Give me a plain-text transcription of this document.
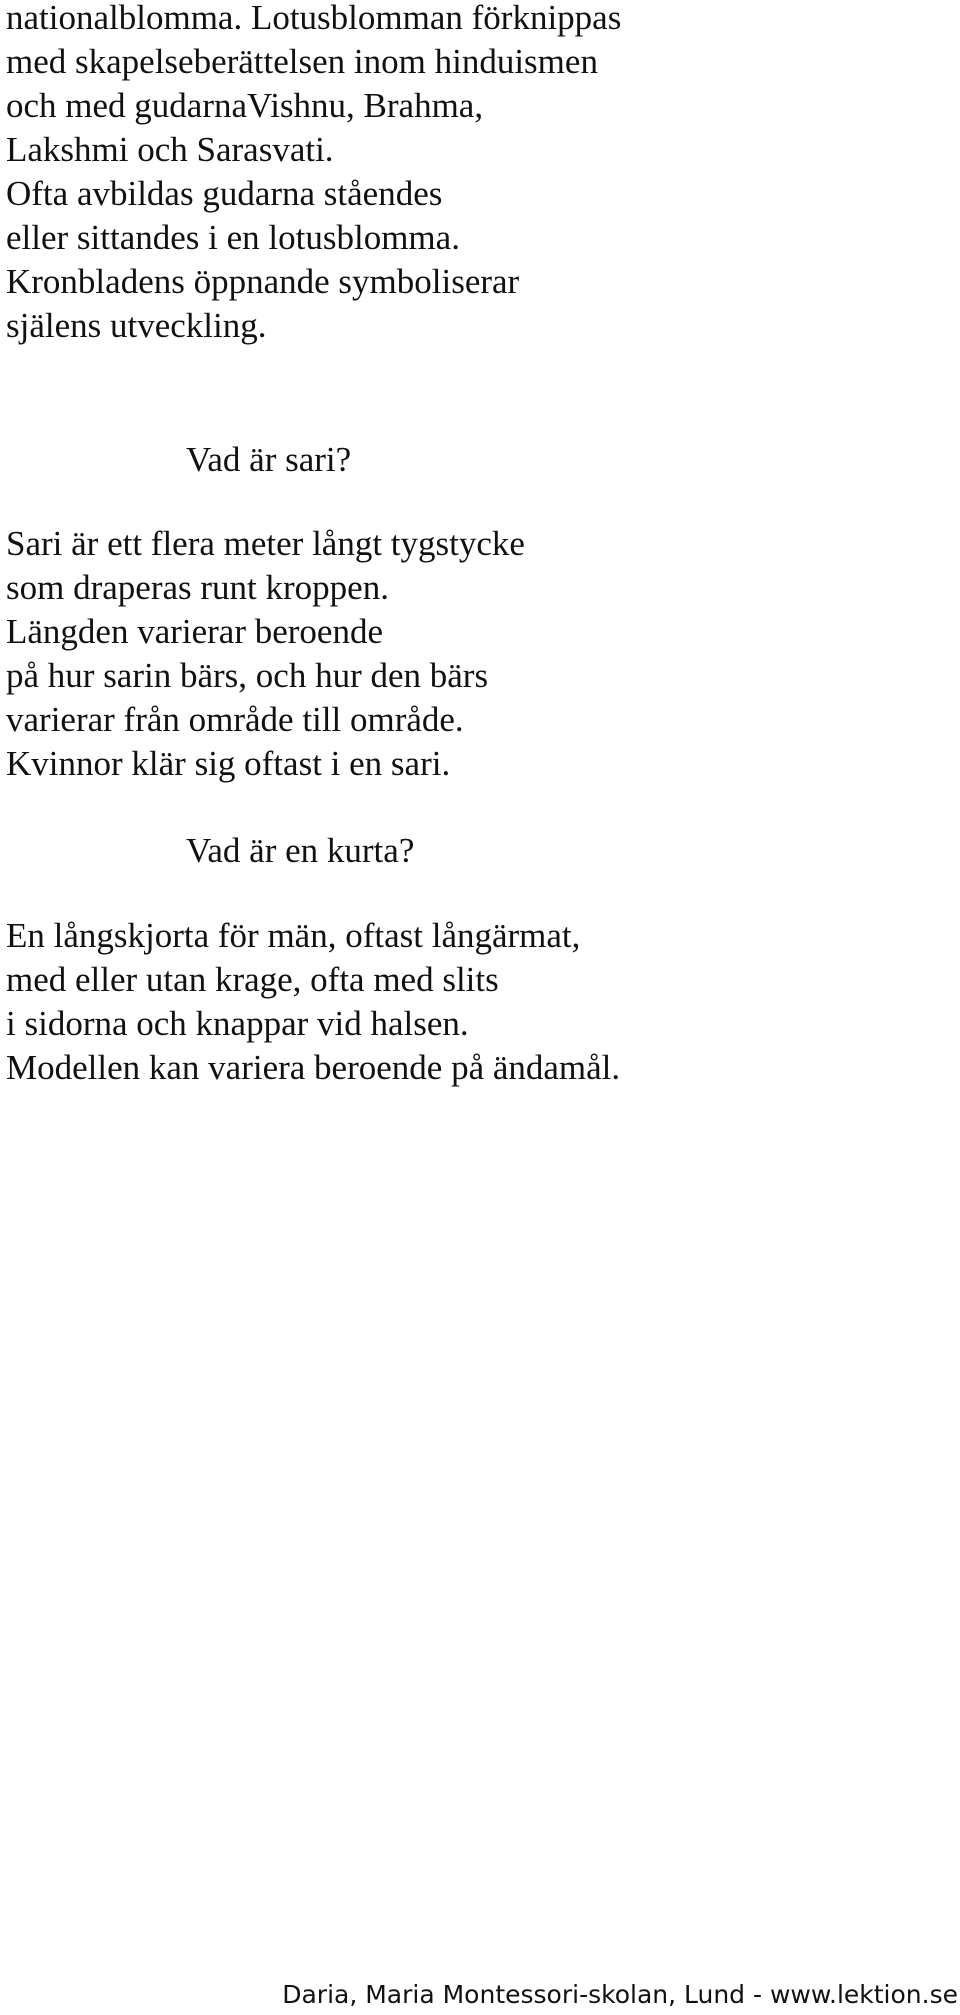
nationalblomma. Lotusblomman förknippas
med skapelseberättelsen inom hinduismen
och med gudarnaVishnu, Brahma,
Lakshmi och Sarasvati.
Ofta avbildas gudarna ståendes
eller sittandes i en lotusblomma.
Kronbladens öppnande symboliserar
själens utveckling.
Vad är sari?
Sari är ett flera meter långt tygstycke
som draperas runt kroppen.
Längden varierar beroende
på hur sarin bärs, och hur den bärs
varierar från område till område.
Kvinnor klär sig oftast i en sari.
Vad är en kurta?
En långskjorta för män, oftast långärmat,
med eller utan krage, ofta med slits
i sidorna och knappar vid halsen.
Modellen kan variera beroende på ändamål.
Daria, Maria Montessori-skolan, Lund - www.lektion.se
